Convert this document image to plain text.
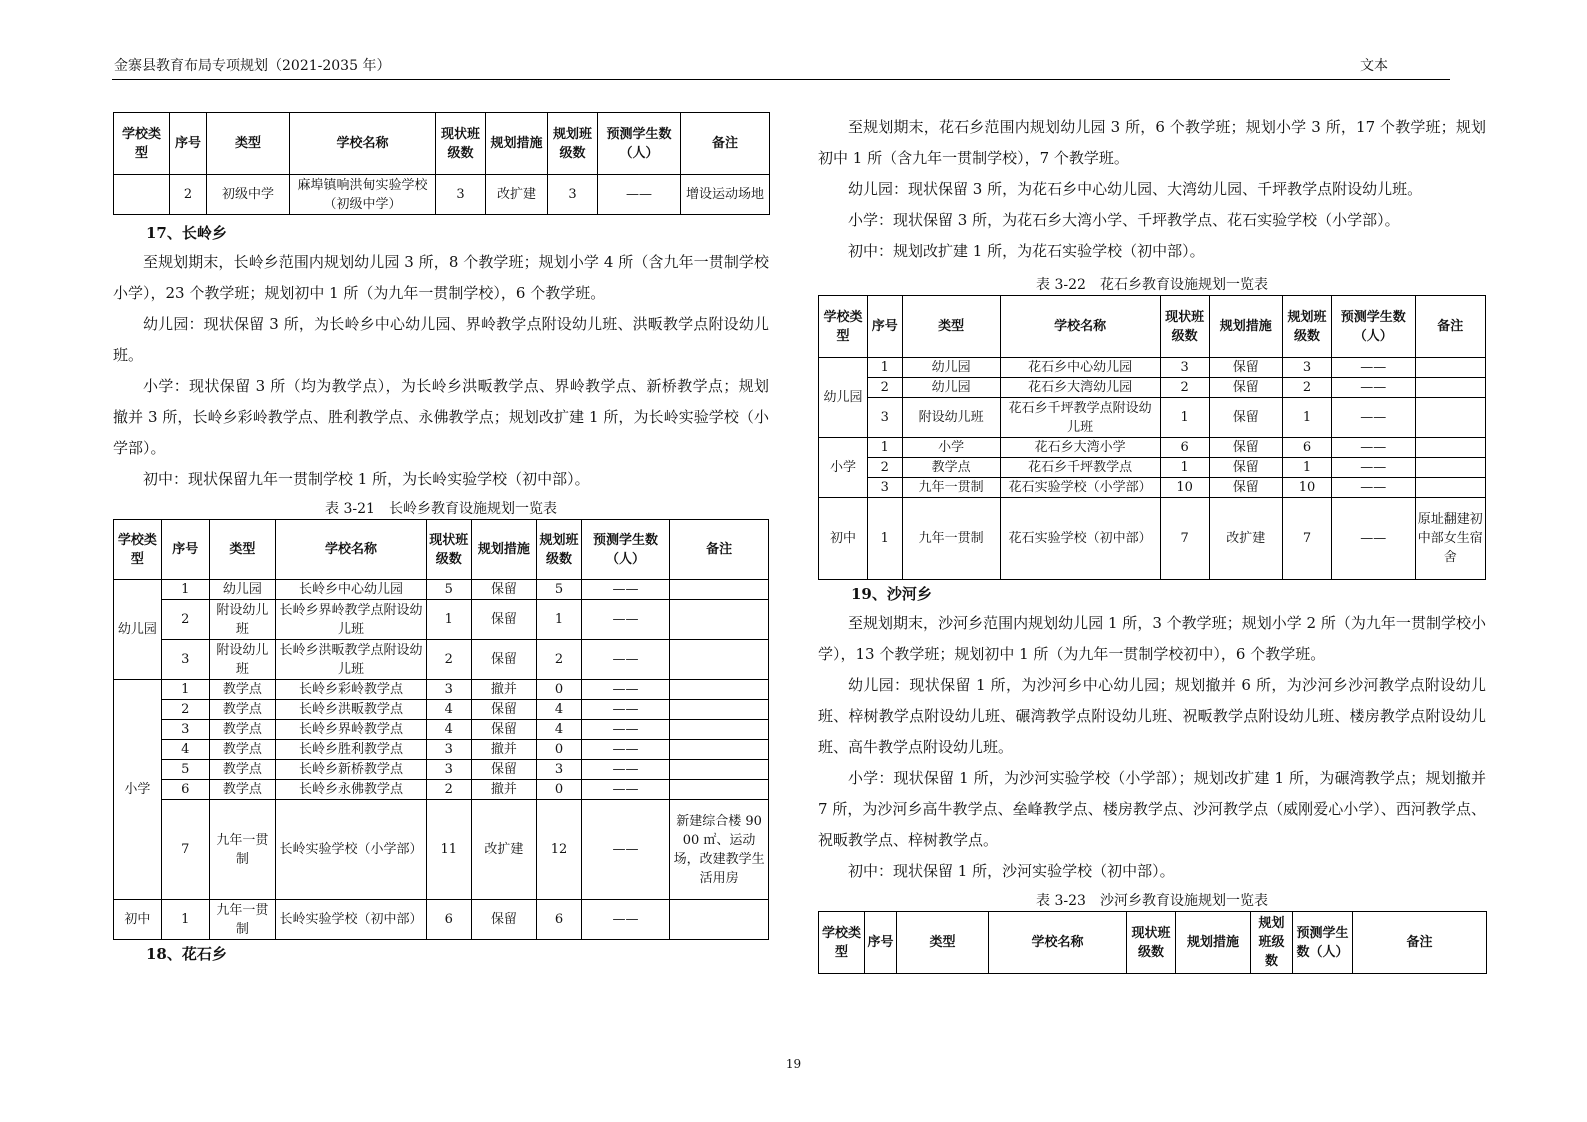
金寨县教育布局专项规划（2021-2035 年）	文本
学校类型	序号	类型	学校名称	现状班级数	规划措施	规划班级数	预测学生数（人）	备注
	2	初级中学	麻埠镇响洪甸实验学校（初级中学）	3	改扩建	3	——	增设运动场地
17、长岭乡

至规划期末，长岭乡范围内规划幼儿园 3 所，8 个教学班；规划小学 4 所（含九年一贯制学校小学），23 个教学班；规划初中 1 所（为九年一贯制学校），6 个教学班。

幼儿园：现状保留 3 所，为长岭乡中心幼儿园、界岭教学点附设幼儿班、洪畈教学点附设幼儿班。

小学：现状保留 3 所（均为教学点），为长岭乡洪畈教学点、界岭教学点、新桥教学点；规划撤并 3 所，长岭乡彩岭教学点、胜利教学点、永佛教学点；规划改扩建 1 所，为长岭实验学校（小学部）。

初中：现状保留九年一贯制学校 1 所，为长岭实验学校（初中部）。

表 3-21　长岭乡教育设施规划一览表
学校类型	序号	类型	学校名称	现状班级数	规划措施	规划班级数	预测学生数（人）	备注
幼儿园	1	幼儿园	长岭乡中心幼儿园	5	保留	5	——	
	2	附设幼儿班	长岭乡界岭教学点附设幼儿班	1	保留	1	——	
	3	附设幼儿班	长岭乡洪畈教学点附设幼儿班	2	保留	2	——	
小学	1	教学点	长岭乡彩岭教学点	3	撤并	0	——	
	2	教学点	长岭乡洪畈教学点	4	保留	4	——	
	3	教学点	长岭乡界岭教学点	4	保留	4	——	
	4	教学点	长岭乡胜利教学点	3	撤并	0	——	
	5	教学点	长岭乡新桥教学点	3	保留	3	——	
	6	教学点	长岭乡永佛教学点	2	撤并	0	——	
	7	九年一贯制	长岭实验学校（小学部）	11	改扩建	12	——	新建综合楼 9000 ㎡、运动场，改建教学生活用房
初中	1	九年一贯制	长岭实验学校（初中部）	6	保留	6	——	
18、花石乡

至规划期末，花石乡范围内规划幼儿园 3 所，6 个教学班；规划小学 3 所，17 个教学班；规划初中 1 所（含九年一贯制学校），7 个教学班。

幼儿园：现状保留 3 所，为花石乡中心幼儿园、大湾幼儿园、千坪教学点附设幼儿班。

小学：现状保留 3 所，为花石乡大湾小学、千坪教学点、花石实验学校（小学部）。

初中：规划改扩建 1 所，为花石实验学校（初中部）。

表 3-22　花石乡教育设施规划一览表
学校类型	序号	类型	学校名称	现状班级数	规划措施	规划班级数	预测学生数（人）	备注
幼儿园	1	幼儿园	花石乡中心幼儿园	3	保留	3	——	
	2	幼儿园	花石乡大湾幼儿园	2	保留	2	——	
	3	附设幼儿班	花石乡千坪教学点附设幼儿班	1	保留	1	——	
小学	1	小学	花石乡大湾小学	6	保留	6	——	
	2	教学点	花石乡千坪教学点	1	保留	1	——	
	3	九年一贯制	花石实验学校（小学部）	10	保留	10	——	
初中	1	九年一贯制	花石实验学校（初中部）	7	改扩建	7	——	原址翻建初中部女生宿舍
19、沙河乡

至规划期末，沙河乡范围内规划幼儿园 1 所，3 个教学班；规划小学 2 所（为九年一贯制学校小学），13 个教学班；规划初中 1 所（为九年一贯制学校初中），6 个教学班。

幼儿园：现状保留 1 所，为沙河乡中心幼儿园；规划撤并 6 所，为沙河乡沙河教学点附设幼儿班、梓树教学点附设幼儿班、碾湾教学点附设幼儿班、祝畈教学点附设幼儿班、楼房教学点附设幼儿班、高牛教学点附设幼儿班。

小学：现状保留 1 所，为沙河实验学校（小学部）；规划改扩建 1 所，为碾湾教学点；规划撤并 7 所，为沙河乡高牛教学点、垒峰教学点、楼房教学点、沙河教学点（威刚爱心小学）、西河教学点、祝畈教学点、梓树教学点。

初中：现状保留 1 所，沙河实验学校（初中部）。

表 3-23　沙河乡教育设施规划一览表
学校类型	序号	类型	学校名称	现状班级数	规划措施	规划班级数	预测学生数（人）	备注
19
